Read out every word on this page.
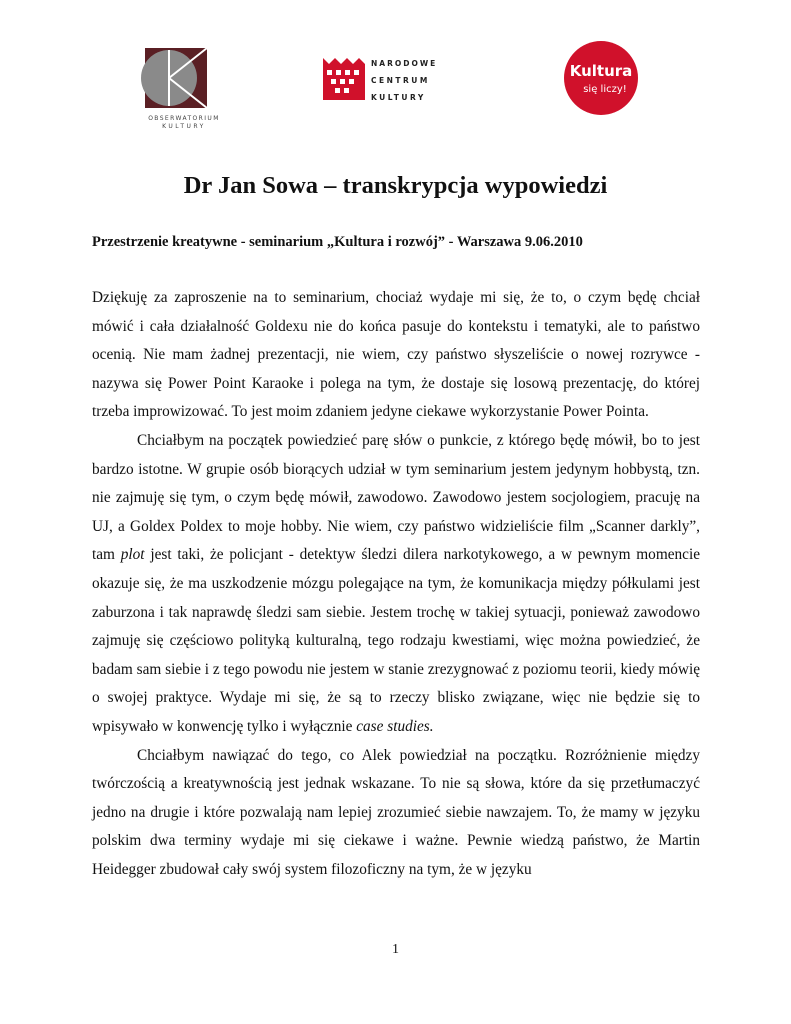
OBSERWATORIUM
KULTURY
NARODOWE
CENTRUM
KULTURY
Kultura
się liczy!
Dr Jan Sowa – transkrypcja wypowiedzi
Przestrzenie kreatywne - seminarium „Kultura i rozwój” - Warszawa 9.06.2010

Dziękuję za zaproszenie na to seminarium, chociaż wydaje mi się, że to, o czym będę chciał mówić i cała działalność Goldexu nie do końca pasuje do kontekstu i tematyki, ale to państwo ocenią. Nie mam żadnej prezentacji, nie wiem, czy państwo słyszeliście o nowej rozrywce - nazywa się Power Point Karaoke i polega na tym, że dostaje się losową prezentację, do której trzeba improwizować. To jest moim zdaniem jedyne ciekawe wykorzystanie Power Pointa.

Chciałbym na początek powiedzieć parę słów o punkcie, z którego będę mówił, bo to jest bardzo istotne. W grupie osób biorących udział w tym seminarium jestem jedynym hobbystą, tzn. nie zajmuję się tym, o czym będę mówił, zawodowo. Zawodowo jestem socjologiem, pracuję na UJ, a Goldex Poldex to moje hobby. Nie wiem, czy państwo widzieliście film „Scanner darkly”, tam plot jest taki, że policjant - detektyw śledzi dilera narkotykowego, a w pewnym momencie okazuje się, że ma uszkodzenie mózgu polegające na tym, że komunikacja między półkulami jest zaburzona i tak naprawdę śledzi sam siebie. Jestem trochę w takiej sytuacji, ponieważ zawodowo zajmuję się częściowo polityką kulturalną, tego rodzaju kwestiami, więc można powiedzieć, że badam sam siebie i z tego powodu nie jestem w stanie zrezygnować z poziomu teorii, kiedy mówię o swojej praktyce. Wydaje mi się, że są to rzeczy blisko związane, więc nie będzie się to wpisywało w konwencję tylko i wyłącznie case studies.

Chciałbym nawiązać do tego, co Alek powiedział na początku. Rozróżnienie między twórczością a kreatywnością jest jednak wskazane. To nie są słowa, które da się przetłumaczyć jedno na drugie i które pozwalają nam lepiej zrozumieć siebie nawzajem. To, że mamy w języku polskim dwa terminy wydaje mi się ciekawe i ważne. Pewnie wiedzą państwo, że Martin Heidegger zbudował cały swój system filozoficzny na tym, że w języku

1
